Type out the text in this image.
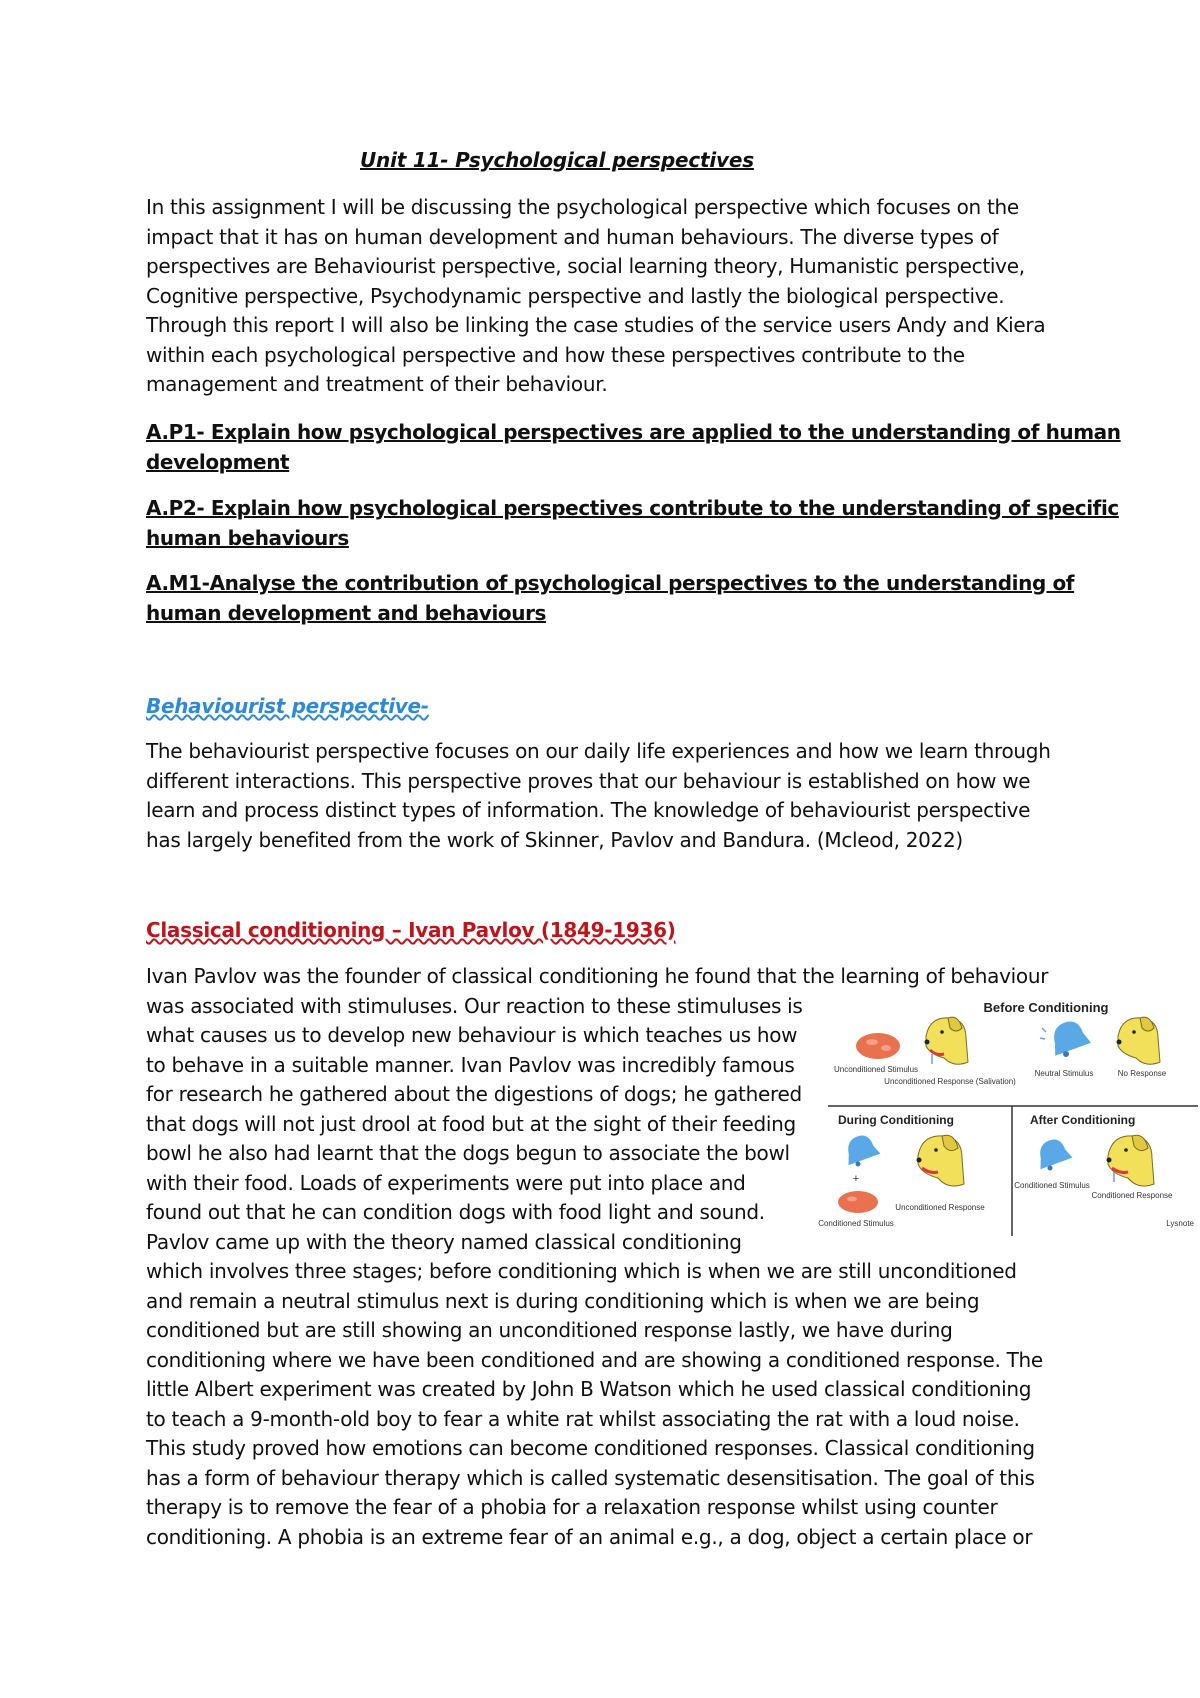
Unit 11- Psychological perspectives
In this assignment I will be discussing the psychological perspective which focuses on the
impact that it has on human development and human behaviours. The diverse types of
perspectives are Behaviourist perspective, social learning theory, Humanistic perspective,
Cognitive perspective, Psychodynamic perspective and lastly the biological perspective.
Through this report I will also be linking the case studies of the service users Andy and Kiera
within each psychological perspective and how these perspectives contribute to the
management and treatment of their behaviour.
A.P1- Explain how psychological perspectives are applied to the understanding of human
development
A.P2- Explain how psychological perspectives contribute to the understanding of specific
human behaviours
A.M1-Analyse the contribution of psychological perspectives to the understanding of
human development and behaviours
Behaviourist perspective-
The behaviourist perspective focuses on our daily life experiences and how we learn through
different interactions. This perspective proves that our behaviour is established on how we
learn and process distinct types of information. The knowledge of behaviourist perspective
has largely benefited from the work of Skinner, Pavlov and Bandura. (Mcleod, 2022)
Classical conditioning – Ivan Pavlov (1849-1936)
Ivan Pavlov was the founder of classical conditioning he found that the learning of behaviour
was associated with stimuluses. Our reaction to these stimuluses is
what causes us to develop new behaviour is which teaches us how
to behave in a suitable manner. Ivan Pavlov was incredibly famous
for research he gathered about the digestions of dogs; he gathered
that dogs will not just drool at food but at the sight of their feeding
bowl he also had learnt that the dogs begun to associate the bowl
with their food. Loads of experiments were put into place and
found out that he can condition dogs with food light and sound.
Pavlov came up with the theory named classical conditioning
which involves three stages; before conditioning which is when we are still unconditioned
and remain a neutral stimulus next is during conditioning which is when we are being
conditioned but are still showing an unconditioned response lastly, we have during
conditioning where we have been conditioned and are showing a conditioned response. The
little Albert experiment was created by John B Watson which he used classical conditioning
to teach a 9-month-old boy to fear a white rat whilst associating the rat with a loud noise.
This study proved how emotions can become conditioned responses. Classical conditioning
has a form of behaviour therapy which is called systematic desensitisation. The goal of this
therapy is to remove the fear of a phobia for a relaxation response whilst using counter
conditioning. A phobia is an extreme fear of an animal e.g., a dog, object a certain place or
Before Conditioning
Unconditioned Stimulus
Unconditioned Response (Salivation)
Neutral Stimulus	No Response
During Conditioning
+
Conditioned Stimulus
Unconditioned Response
After Conditioning
Conditioned Stimulus
Conditioned Response
Lysnote
